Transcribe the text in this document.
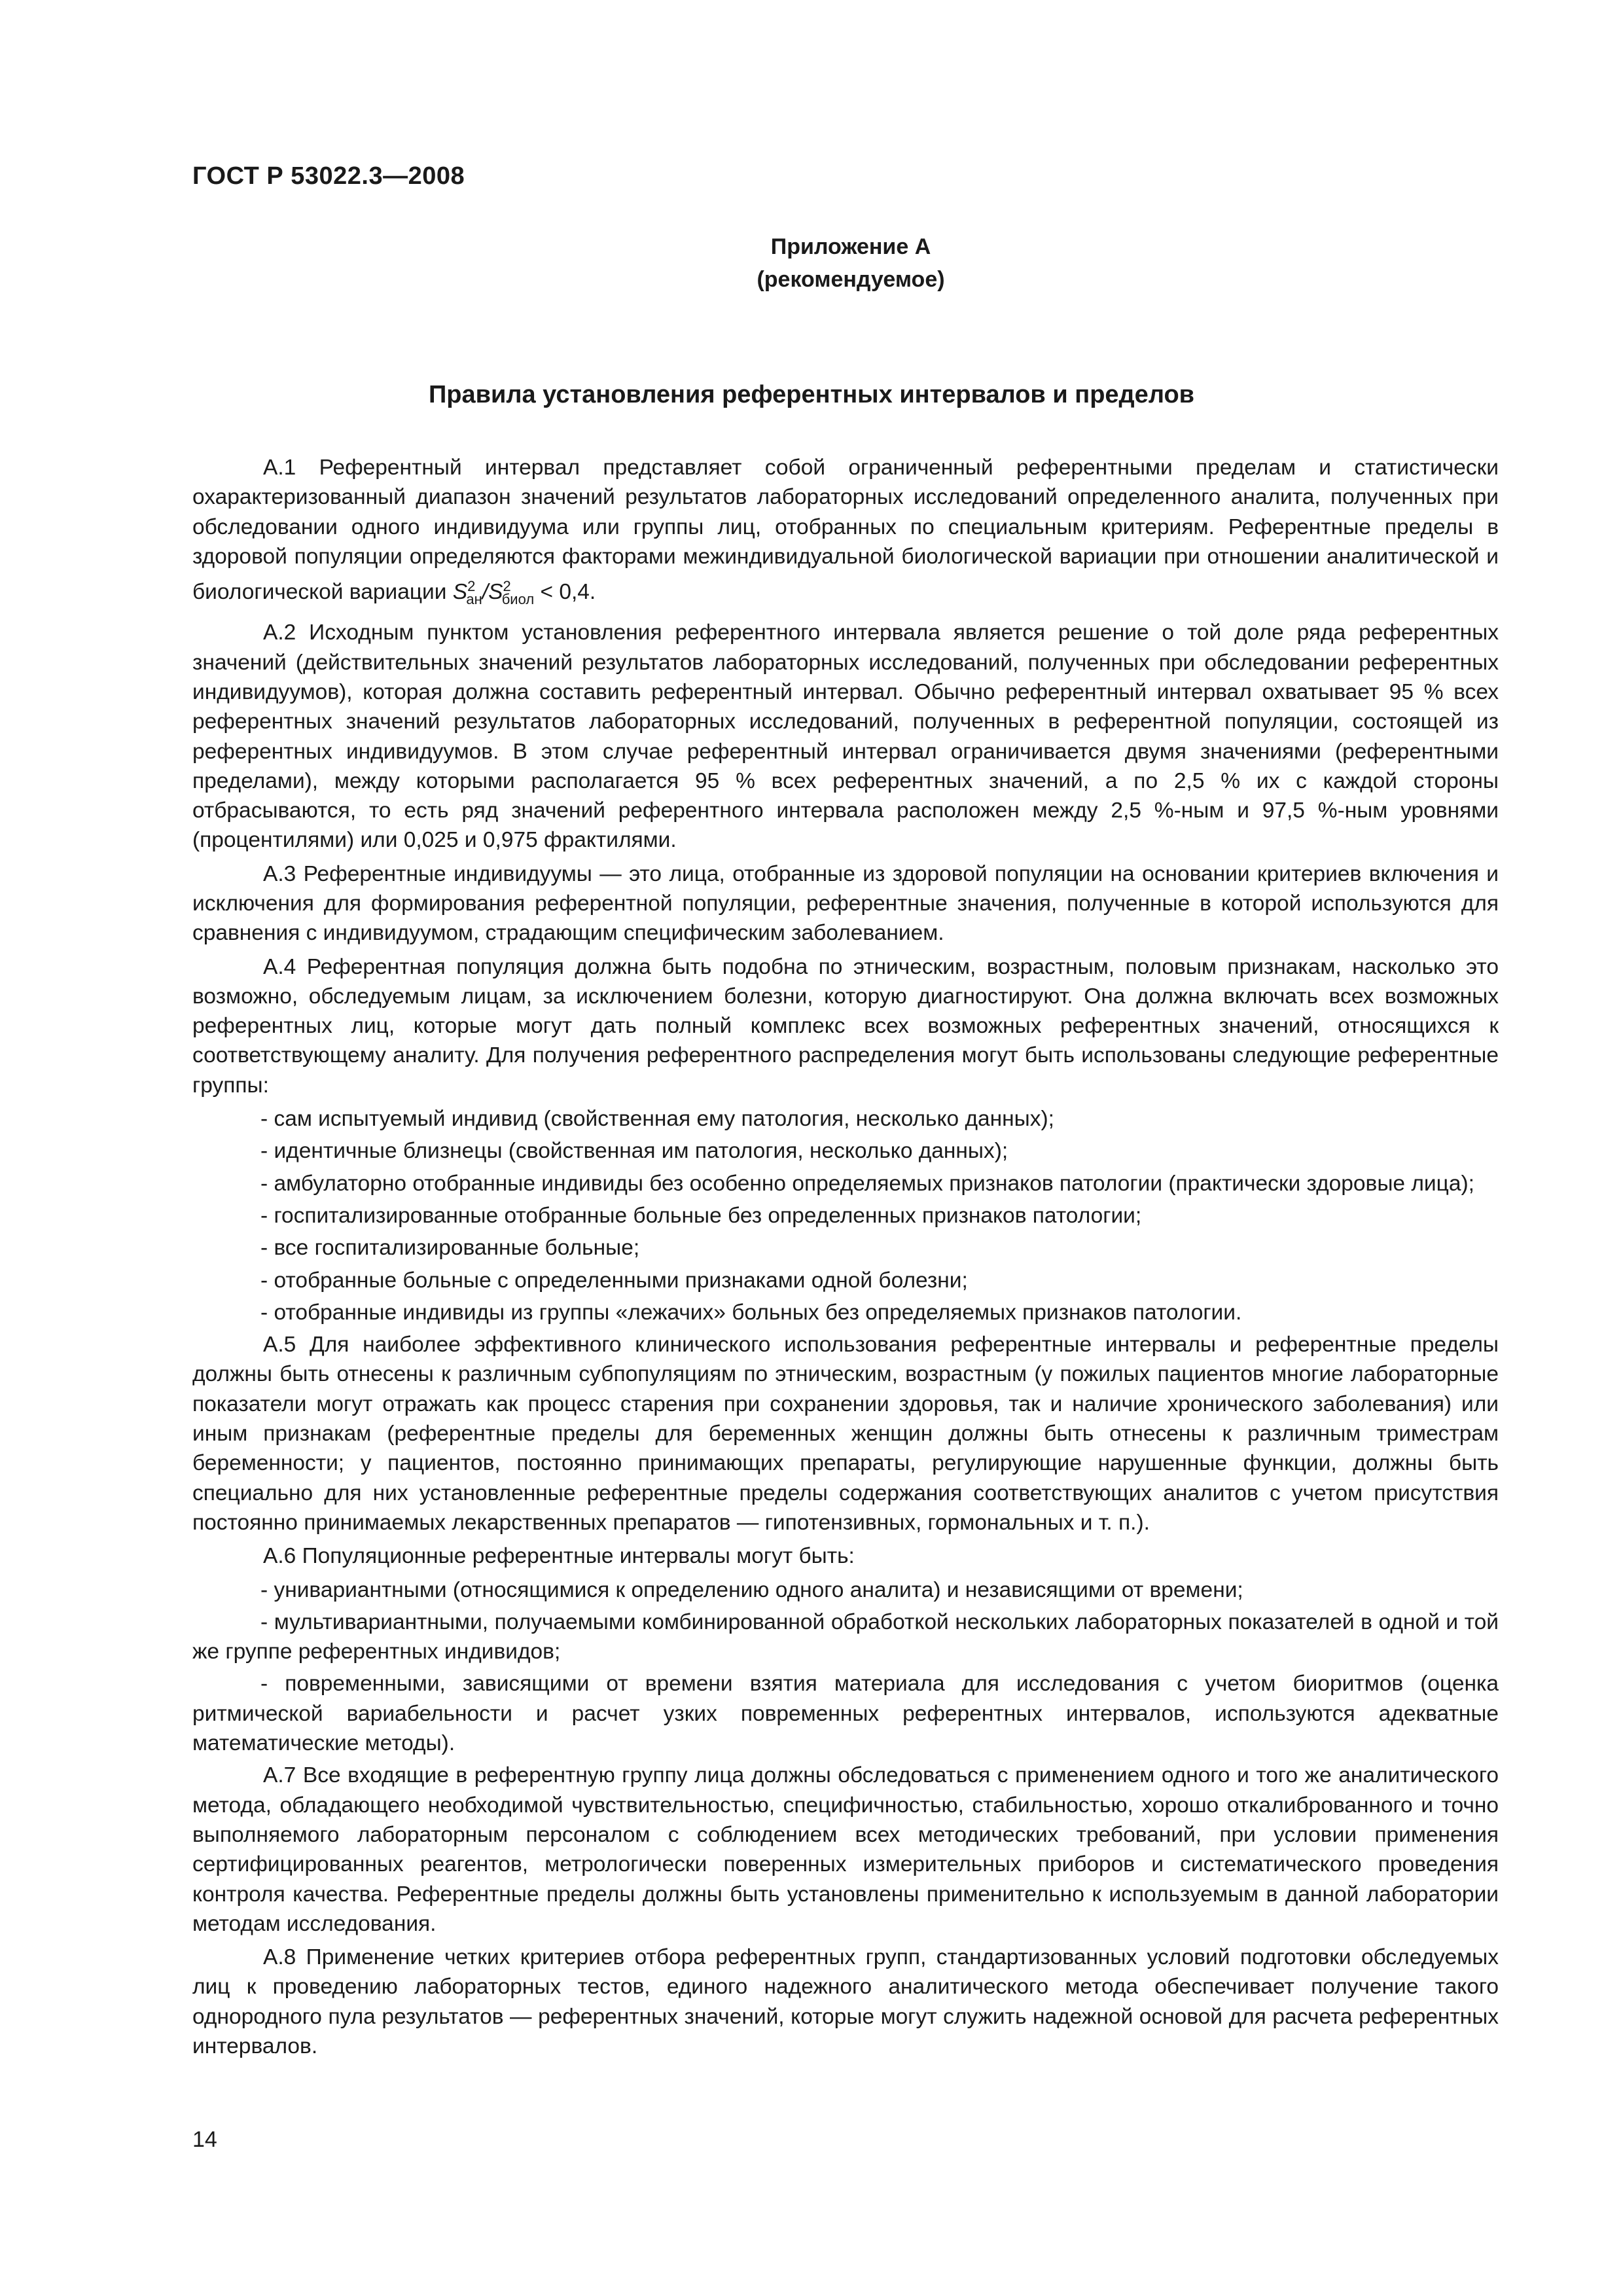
ГОСТ Р 53022.3—2008
Приложение А
(рекомендуемое)
Правила установления референтных интервалов и пределов

А.1 Референтный интервал представляет собой ограниченный референтными пределам и статистически охарактеризованный диапазон значений результатов лабораторных исследований определенного аналита, полученных при обследовании одного индивидуума или группы лиц, отобранных по специальным критериям. Референтные пределы в здоровой популяции определяются факторами межиндивидуальной биологической вариации при отношении аналитической и биологической вариации $S^2_{ан}/S^2_{биол} < 0,4$.

А.2 Исходным пунктом установления референтного интервала является решение о той доле ряда референтных значений (действительных значений результатов лабораторных исследований, полученных при обследовании референтных индивидуумов), которая должна составить референтный интервал. Обычно референтный интервал охватывает 95 % всех референтных значений результатов лабораторных исследований, полученных в референтной популяции, состоящей из референтных индивидуумов. В этом случае референтный интервал ограничивается двумя значениями (референтными пределами), между которыми располагается 95 % всех референтных значений, а по 2,5 % их с каждой стороны отбрасываются, то есть ряд значений референтного интервала расположен между 2,5 %-ным и 97,5 %-ным уровнями (процентилями) или 0,025 и 0,975 фрактилями.

А.3 Референтные индивидуумы — это лица, отобранные из здоровой популяции на основании критериев включения и исключения для формирования референтной популяции, референтные значения, полученные в которой используются для сравнения с индивидуумом, страдающим специфическим заболеванием.

А.4 Референтная популяция должна быть подобна по этническим, возрастным, половым признакам, насколько это возможно, обследуемым лицам, за исключением болезни, которую диагностируют. Она должна включать всех возможных референтных лиц, которые могут дать полный комплекс всех возможных референтных значений, относящихся к соответствующему аналиту. Для получения референтного распределения могут быть использованы следующие референтные группы:

- сам испытуемый индивид (свойственная ему патология, несколько данных);

- идентичные близнецы (свойственная им патология, несколько данных);

- амбулаторно отобранные индивиды без особенно определяемых признаков патологии (практически здоровые лица);

- госпитализированные отобранные больные без определенных признаков патологии;

- все госпитализированные больные;

- отобранные больные с определенными признаками одной болезни;

- отобранные индивиды из группы «лежачих» больных без определяемых признаков патологии.

А.5 Для наиболее эффективного клинического использования референтные интервалы и референтные пределы должны быть отнесены к различным субпопуляциям по этническим, возрастным (у пожилых пациентов многие лабораторные показатели могут отражать как процесс старения при сохранении здоровья, так и наличие хронического заболевания) или иным признакам (референтные пределы для беременных женщин должны быть отнесены к различным триместрам беременности; у пациентов, постоянно принимающих препараты, регулирующие нарушенные функции, должны быть специально для них установленные референтные пределы содержания соответствующих аналитов с учетом присутствия постоянно принимаемых лекарственных препаратов — гипотензивных, гормональных и т. п.).

А.6 Популяционные референтные интервалы могут быть:

- унивариантными (относящимися к определению одного аналита) и независящими от времени;

- мультивариантными, получаемыми комбинированной обработкой нескольких лабораторных показателей в одной и той же группе референтных индивидов;

- повременными, зависящими от времени взятия материала для исследования с учетом биоритмов (оценка ритмической вариабельности и расчет узких повременных референтных интервалов, используются адекватные математические методы).

А.7 Все входящие в референтную группу лица должны обследоваться с применением одного и того же аналитического метода, обладающего необходимой чувствительностью, специфичностью, стабильностью, хорошо откалиброванного и точно выполняемого лабораторным персоналом с соблюдением всех методических требований, при условии применения сертифицированных реагентов, метрологически поверенных измерительных приборов и систематического проведения контроля качества. Референтные пределы должны быть установлены применительно к используемым в данной лаборатории методам исследования.

А.8 Применение четких критериев отбора референтных групп, стандартизованных условий подготовки обследуемых лиц к проведению лабораторных тестов, единого надежного аналитического метода обеспечивает получение такого однородного пула результатов — референтных значений, которые могут служить надежной основой для расчета референтных интервалов.

14
